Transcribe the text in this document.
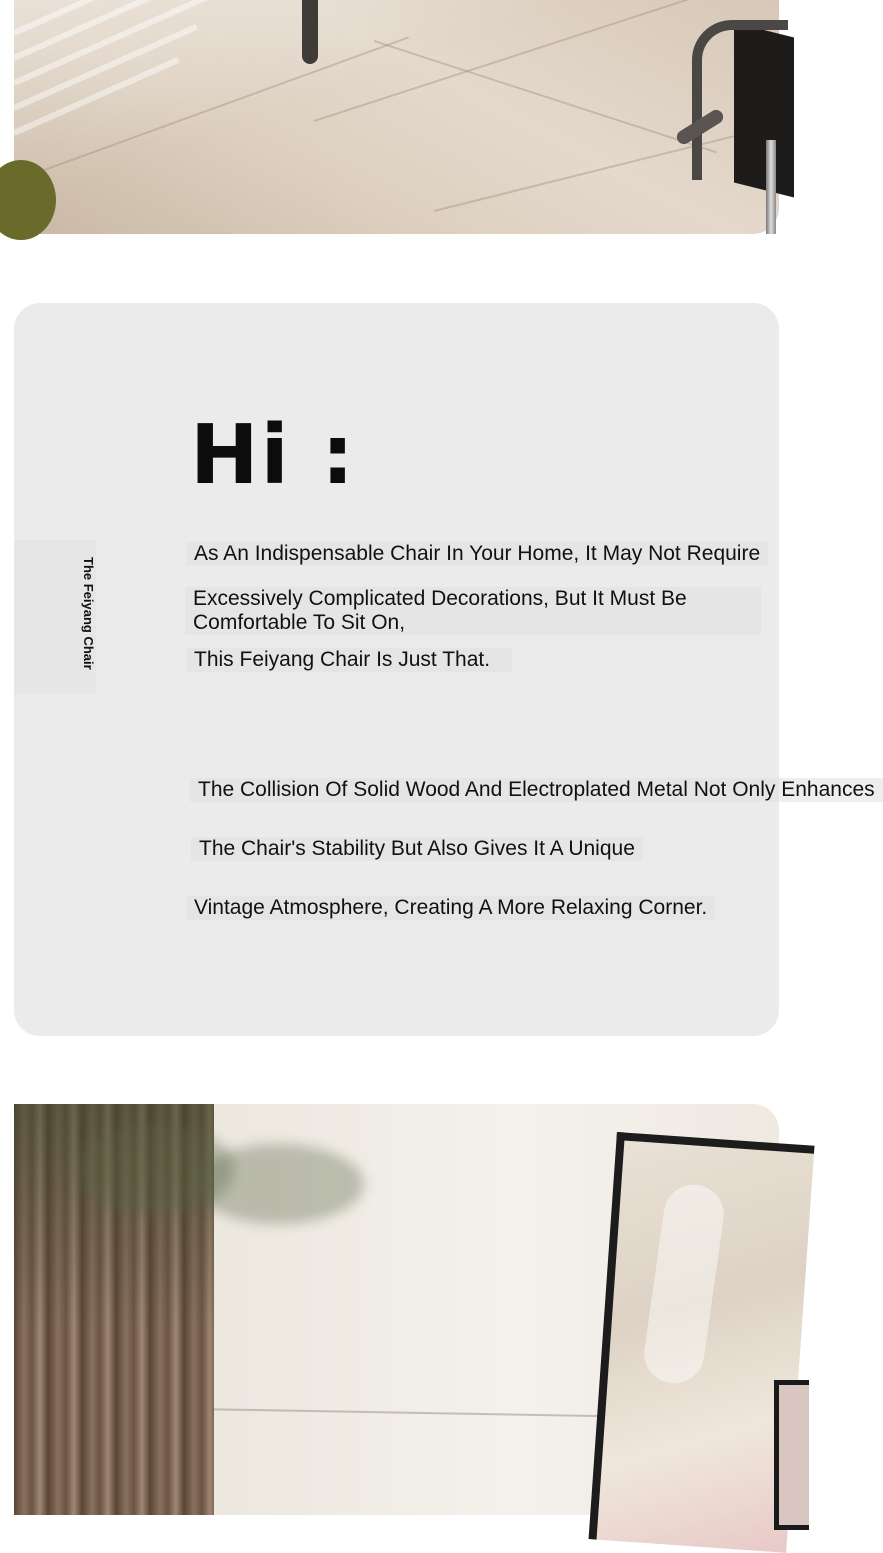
The Feiyang Chair
Hi :
As An Indispensable Chair In Your Home, It May Not Require
Excessively Complicated Decorations, But It Must Be Comfortable To Sit On,
This Feiyang Chair Is Just That.
The Collision Of Solid Wood And Electroplated Metal Not Only Enhances
The Chair's Stability But Also Gives It A Unique
Vintage Atmosphere, Creating A More Relaxing Corner.
